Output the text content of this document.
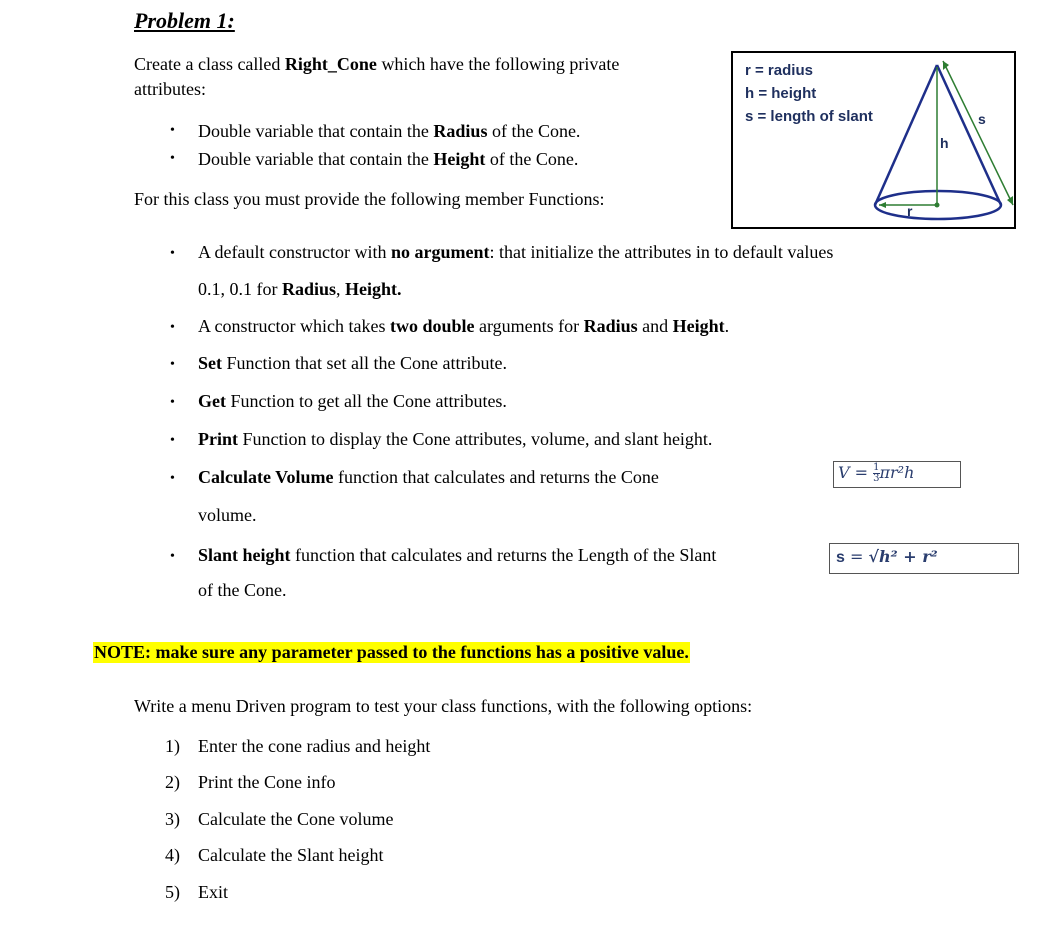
Problem 1:
Create a class called Right_Cone which have the following private
attributes:
• Double variable that contain the Radius of the Cone.
• Double variable that contain the Height of the Cone.
For this class you must provide the following member Functions:
r = radius
h = height
s = length of slant
h
s
r
• A default constructor with no argument: that initialize the attributes in to default values
0.1, 0.1 for Radius, Height.
• A constructor which takes two double arguments for Radius and Height.
• Set Function that set all the Cone attribute.
• Get Function to get all the Cone attributes.
• Print Function to display the Cone attributes, volume, and slant height.
• Calculate Volume function that calculates and returns the Cone
volume.
$V = \frac{1}{3} \pi r^2h$
• Slant height function that calculates and returns the Length of the Slant
of the Cone.
s = √h² + r²
NOTE: make sure any parameter passed to the functions has a positive value.
Write a menu Driven program to test your class functions, with the following options:
1) Enter the cone radius and height
2) Print the Cone info
3) Calculate the Cone volume
4) Calculate the Slant height
5) Exit
